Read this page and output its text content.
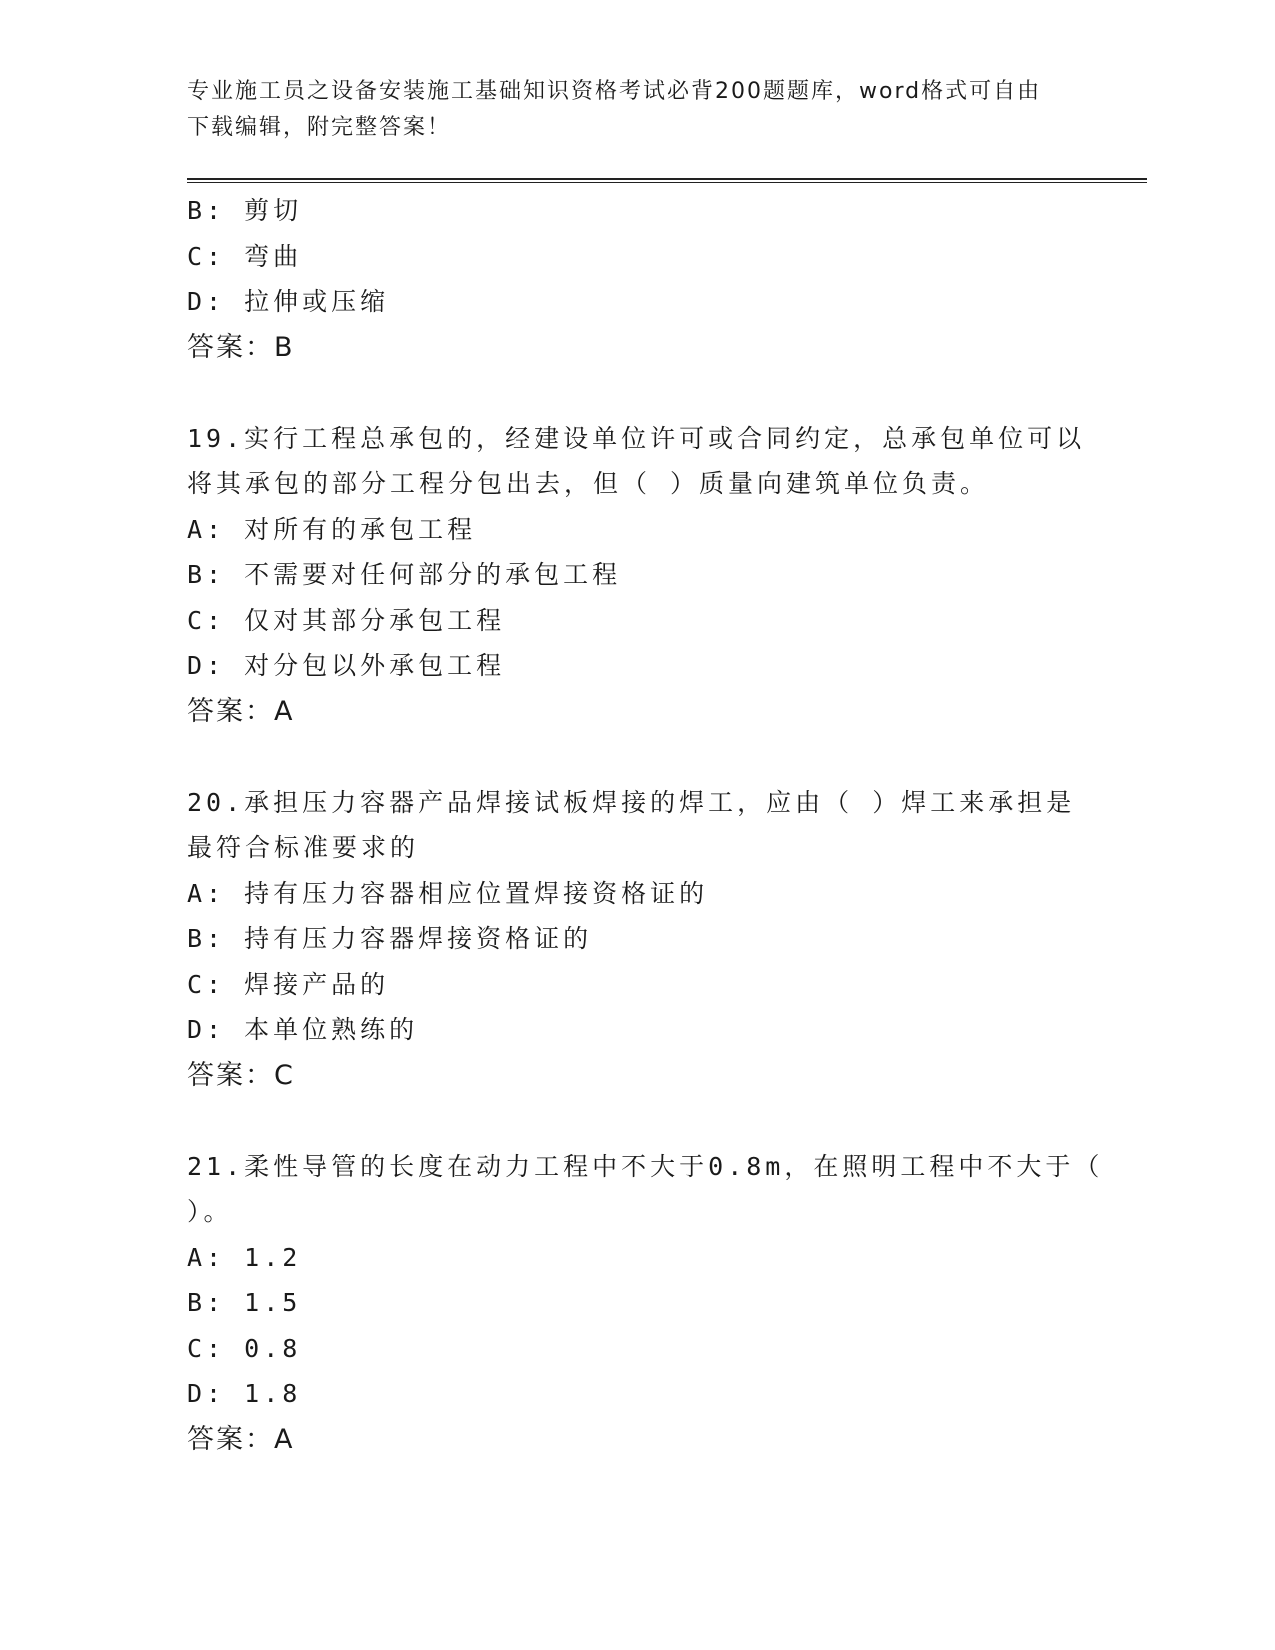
专业施工员之设备安装施工基础知识资格考试必背200题题库，word格式可自由
下载编辑，附完整答案！
B: 剪切
C: 弯曲
D: 拉伸或压缩
答案：B
19.实行工程总承包的，经建设单位许可或合同约定，总承包单位可以
将其承包的部分工程分包出去，但（ ）质量向建筑单位负责。
A: 对所有的承包工程
B: 不需要对任何部分的承包工程
C: 仅对其部分承包工程
D: 对分包以外承包工程
答案：A
20.承担压力容器产品焊接试板焊接的焊工，应由（ ）焊工来承担是
最符合标准要求的
A: 持有压力容器相应位置焊接资格证的
B: 持有压力容器焊接资格证的
C: 焊接产品的
D: 本单位熟练的
答案：C
21.柔性导管的长度在动力工程中不大于0.8m，在照明工程中不大于（
）。
A: 1.2
B: 1.5
C: 0.8
D: 1.8
答案：A
